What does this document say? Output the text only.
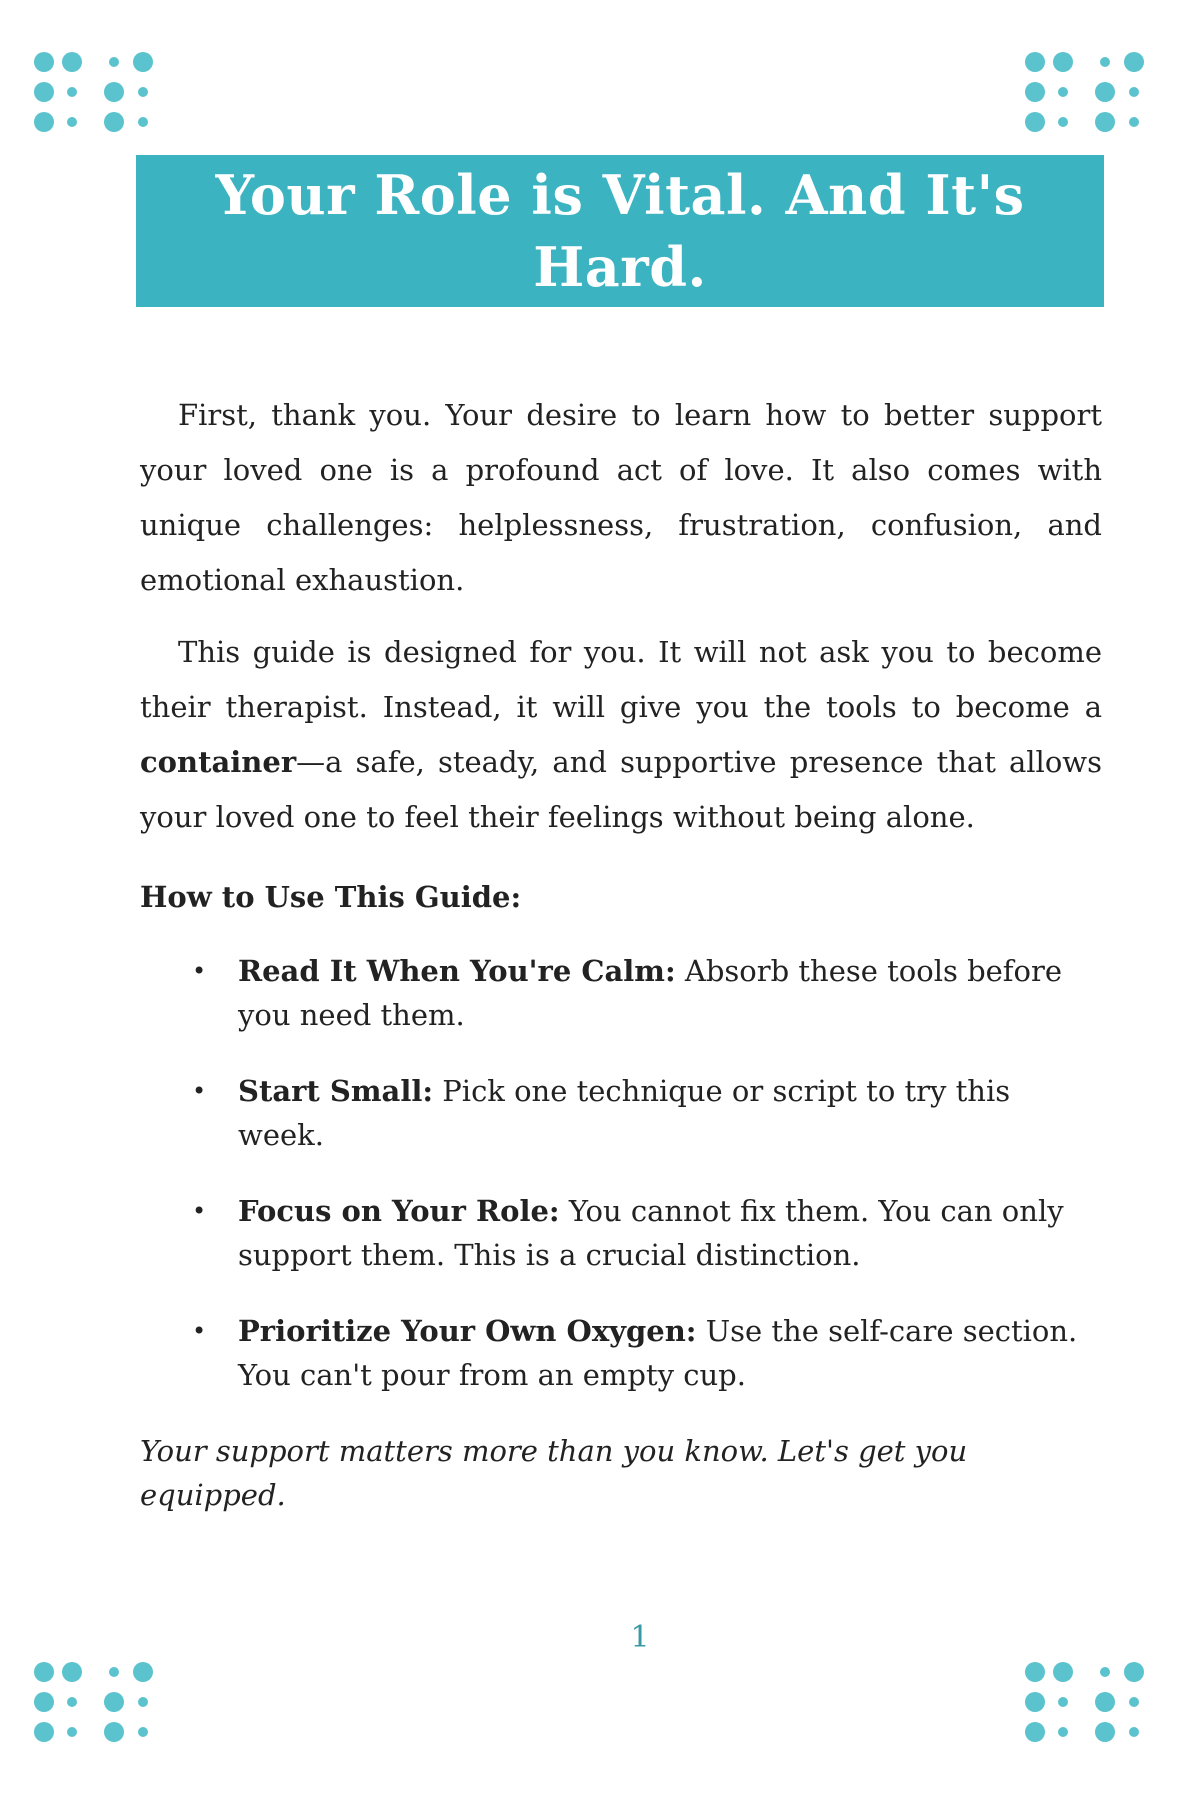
Your Role is Vital. And It's Hard.

First, thank you. Your desire to learn how to better support your loved one is a profound act of love. It also comes with unique challenges: helplessness, frustration, confusion, and emotional exhaustion.

This guide is designed for you. It will not ask you to become their therapist. Instead, it will give you the tools to become a container—a safe, steady, and supportive presence that allows your loved one to feel their feelings without being alone.

How to Use This Guide:
• Read It When You're Calm: Absorb these tools before you need them.
• Start Small: Pick one technique or script to try this week.
• Focus on Your Role: You cannot fix them. You can only support them. This is a crucial distinction.
• Prioritize Your Own Oxygen: Use the self-care section. You can't pour from an empty cup.

Your support matters more than you know. Let's get you equipped.

1
